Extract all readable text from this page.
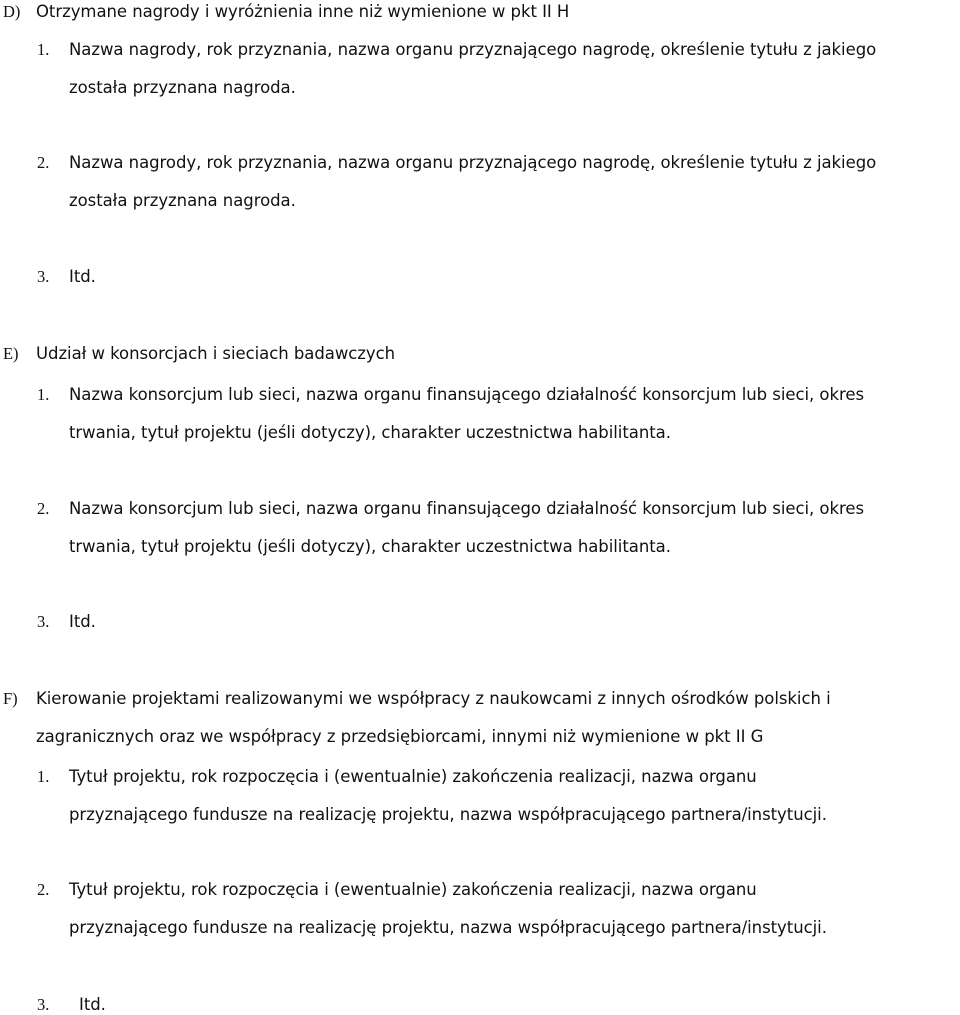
D) Otrzymane nagrody i wyróżnienia inne niż wymienione w pkt II H
1. Nazwa nagrody, rok przyznania, nazwa organu przyznającego nagrodę, określenie tytułu z jakiego
została przyznana nagroda.
2. Nazwa nagrody, rok przyznania, nazwa organu przyznającego nagrodę, określenie tytułu z jakiego
została przyznana nagroda.
3. Itd.
E) Udział w konsorcjach i sieciach badawczych
1. Nazwa konsorcjum lub sieci, nazwa organu finansującego działalność konsorcjum lub sieci, okres
trwania, tytuł projektu (jeśli dotyczy), charakter uczestnictwa habilitanta.
2. Nazwa konsorcjum lub sieci, nazwa organu finansującego działalność konsorcjum lub sieci, okres
trwania, tytuł projektu (jeśli dotyczy), charakter uczestnictwa habilitanta.
3. Itd.
F) Kierowanie projektami realizowanymi we współpracy z naukowcami z innych ośrodków polskich i
zagranicznych oraz we współpracy z przedsiębiorcami, innymi niż wymienione w pkt II G
1. Tytuł projektu, rok rozpoczęcia i (ewentualnie) zakończenia realizacji, nazwa organu
przyznającego fundusze na realizację projektu, nazwa współpracującego partnera/instytucji.
2. Tytuł projektu, rok rozpoczęcia i (ewentualnie) zakończenia realizacji, nazwa organu
przyznającego fundusze na realizację projektu, nazwa współpracującego partnera/instytucji.
3. Itd.
